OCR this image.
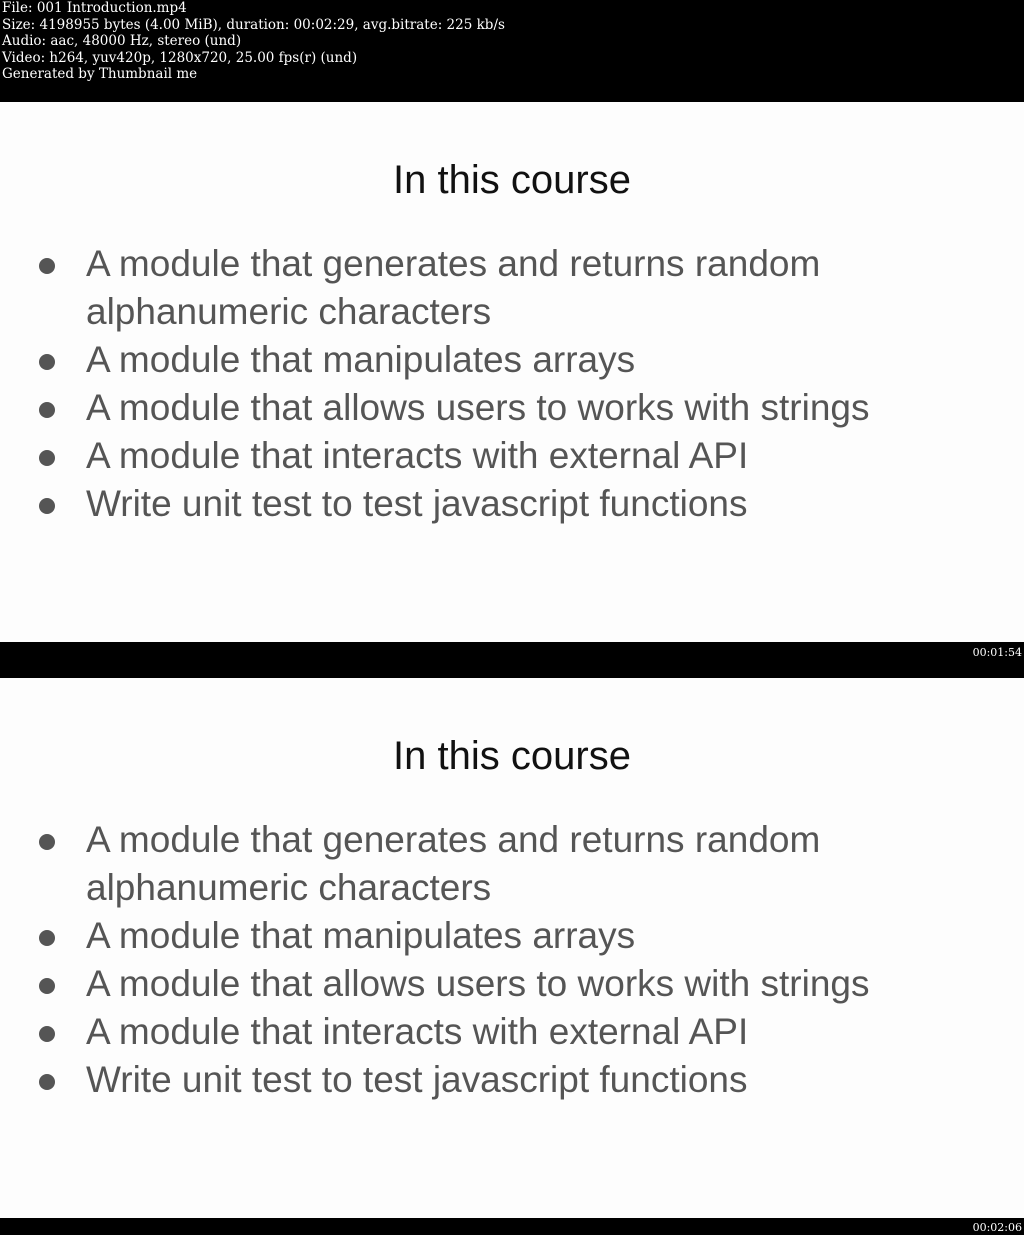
File: 001 Introduction.mp4
Size: 4198955 bytes (4.00 MiB), duration: 00:02:29, avg.bitrate: 225 kb/s
Audio: aac, 48000 Hz, stereo (und)
Video: h264, yuv420p, 1280x720, 25.00 fps(r) (und)
Generated by Thumbnail me
In this course
A module that generates and returns random alphanumeric characters
A module that manipulates arrays
A module that allows users to works with strings
A module that interacts with external API
Write unit test to test javascript functions
00:01:54
In this course
A module that generates and returns random alphanumeric characters
A module that manipulates arrays
A module that allows users to works with strings
A module that interacts with external API
Write unit test to test javascript functions
00:02:06
